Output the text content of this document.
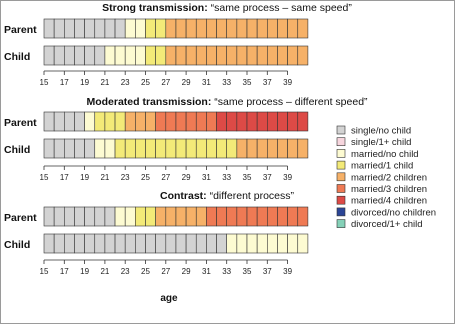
Strong transmission: “same process – same speed”
Parent
Child
15 17 19 21 23 25 27 29 31 33 35 37 39
Moderated transmission: “same process – different speed”
Parent
Child
15 17 19 21 23 25 27 29 31 33 35 37 39
Contrast: “different process”
Parent
Child
15 17 19 21 23 25 27 29 31 33 35 37 39
age
single/no child
single/1+ child
married/no child
married/1 child
married/2 children
married/3 children
married/4 children
divorced/no children
divorced/1+ child
